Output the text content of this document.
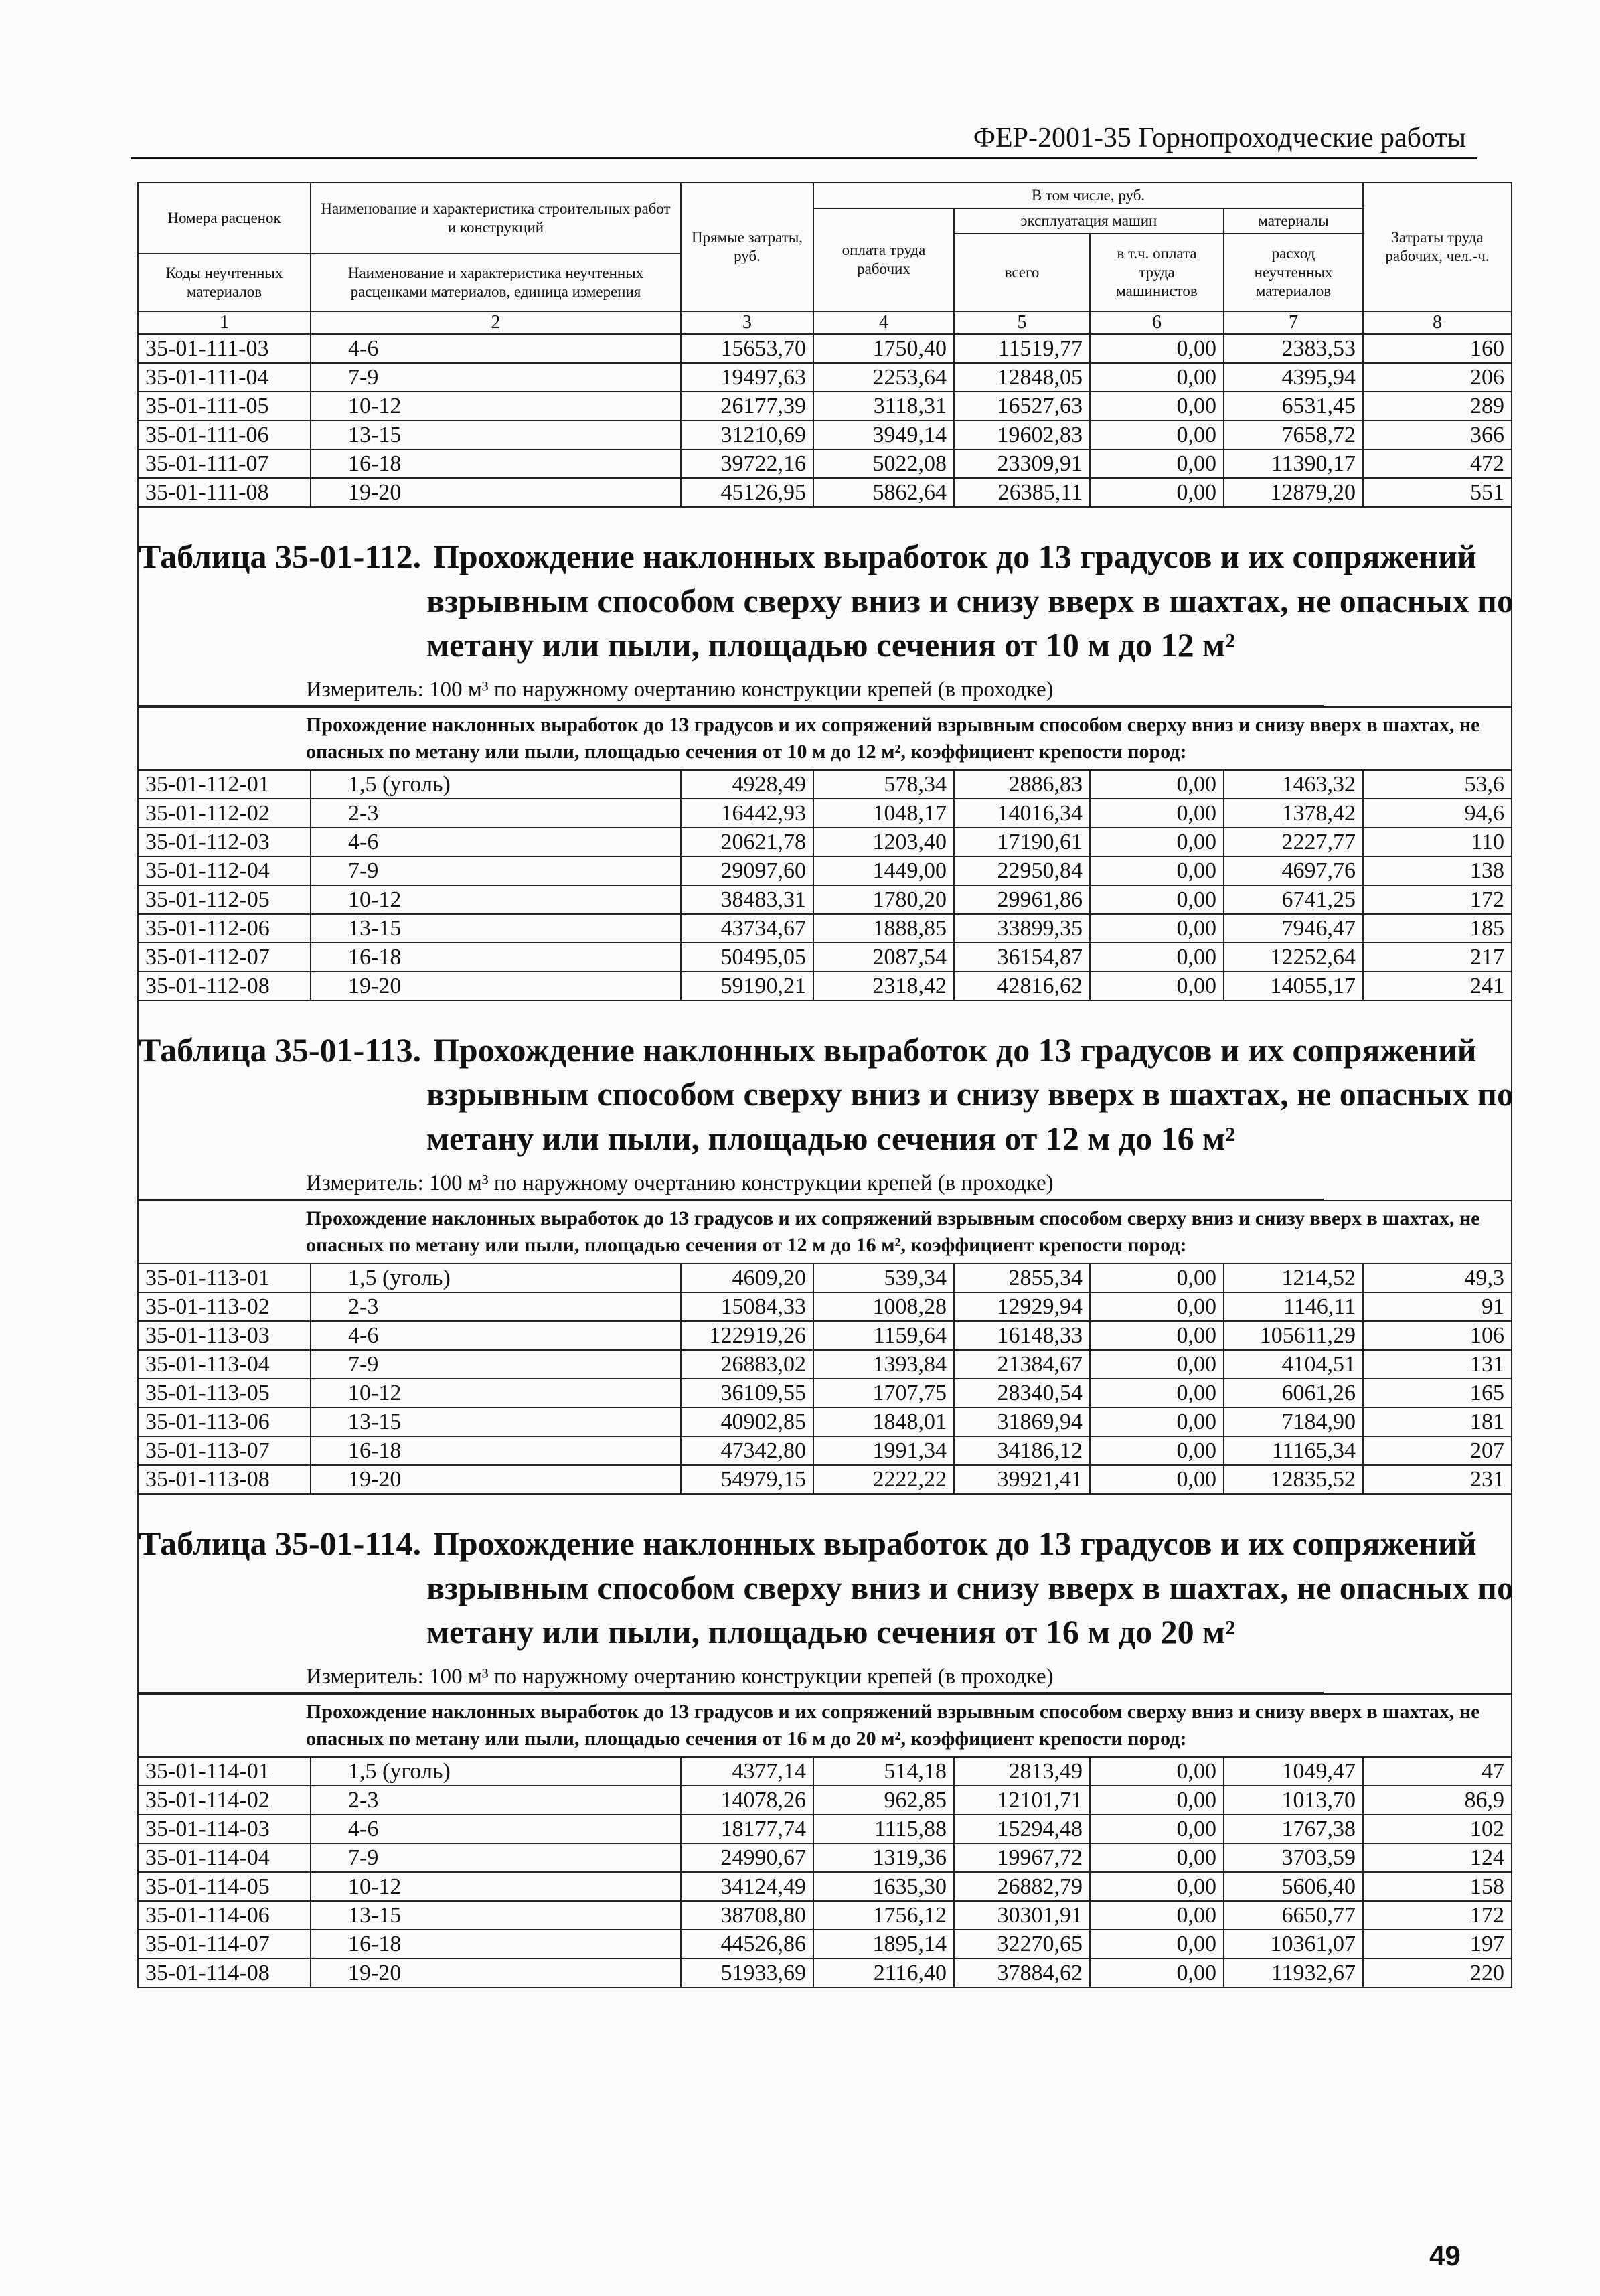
ФЕР-2001-35 Горнопроходческие работы
Номера расценок	Наименование и характеристика строительных работ и конструкций	Прямые затраты, руб.	В том числе, руб.				Затраты труда рабочих, чел.-ч.
			оплата труда рабочих	эксплуатация машин		материалы	
				всего	в т.ч. оплата труда машинистов	расход неучтенных материалов	
Коды неучтенных материалов	Наименование и характеристика неучтенных расценками материалов, единица измерения						

1	2	3	4	5	6	7	8
35-01-111-03	4-6	15653,70	1750,40	11519,77	0,00	2383,53	160
35-01-111-04	7-9	19497,63	2253,64	12848,05	0,00	4395,94	206
35-01-111-05	10-12	26177,39	3118,31	16527,63	0,00	6531,45	289
35-01-111-06	13-15	31210,69	3949,14	19602,83	0,00	7658,72	366
35-01-111-07	16-18	39722,16	5022,08	23309,91	0,00	11390,17	472
35-01-111-08	19-20	45126,95	5862,64	26385,11	0,00	12879,20	551

Таблица 35-01-112. Прохождение наклонных выработок до 13 градусов и их сопряжений
взрывным способом сверху вниз и снизу вверх в шахтах, не опасных по
метану или пыли, площадью сечения от 10 м до 12 м²
Измеритель: 100 м³ по наружному очертанию конструкции крепей (в проходке)							

Прохождение наклонных выработок до 13 градусов и их сопряжений взрывным способом сверху вниз и снизу вверх в шахтах, не опасных по метану или пыли, площадью сечения от 10 м до 12 м², коэффициент крепости пород:							
35-01-112-01	1,5 (уголь)	4928,49	578,34	2886,83	0,00	1463,32	53,6
35-01-112-02	2-3	16442,93	1048,17	14016,34	0,00	1378,42	94,6
35-01-112-03	4-6	20621,78	1203,40	17190,61	0,00	2227,77	110
35-01-112-04	7-9	29097,60	1449,00	22950,84	0,00	4697,76	138
35-01-112-05	10-12	38483,31	1780,20	29961,86	0,00	6741,25	172
35-01-112-06	13-15	43734,67	1888,85	33899,35	0,00	7946,47	185
35-01-112-07	16-18	50495,05	2087,54	36154,87	0,00	12252,64	217
35-01-112-08	19-20	59190,21	2318,42	42816,62	0,00	14055,17	241

Таблица 35-01-113. Прохождение наклонных выработок до 13 градусов и их сопряжений
взрывным способом сверху вниз и снизу вверх в шахтах, не опасных по
метану или пыли, площадью сечения от 12 м до 16 м²
Измеритель: 100 м³ по наружному очертанию конструкции крепей (в проходке)							

Прохождение наклонных выработок до 13 градусов и их сопряжений взрывным способом сверху вниз и снизу вверх в шахтах, не опасных по метану или пыли, площадью сечения от 12 м до 16 м², коэффициент крепости пород:							
35-01-113-01	1,5 (уголь)	4609,20	539,34	2855,34	0,00	1214,52	49,3
35-01-113-02	2-3	15084,33	1008,28	12929,94	0,00	1146,11	91
35-01-113-03	4-6	122919,26	1159,64	16148,33	0,00	105611,29	106
35-01-113-04	7-9	26883,02	1393,84	21384,67	0,00	4104,51	131
35-01-113-05	10-12	36109,55	1707,75	28340,54	0,00	6061,26	165
35-01-113-06	13-15	40902,85	1848,01	31869,94	0,00	7184,90	181
35-01-113-07	16-18	47342,80	1991,34	34186,12	0,00	11165,34	207
35-01-113-08	19-20	54979,15	2222,22	39921,41	0,00	12835,52	231

Таблица 35-01-114. Прохождение наклонных выработок до 13 градусов и их сопряжений
взрывным способом сверху вниз и снизу вверх в шахтах, не опасных по
метану или пыли, площадью сечения от 16 м до 20 м²
Измеритель: 100 м³ по наружному очертанию конструкции крепей (в проходке)							

Прохождение наклонных выработок до 13 градусов и их сопряжений взрывным способом сверху вниз и снизу вверх в шахтах, не опасных по метану или пыли, площадью сечения от 16 м до 20 м², коэффициент крепости пород:							
35-01-114-01	1,5 (уголь)	4377,14	514,18	2813,49	0,00	1049,47	47
35-01-114-02	2-3	14078,26	962,85	12101,71	0,00	1013,70	86,9
35-01-114-03	4-6	18177,74	1115,88	15294,48	0,00	1767,38	102
35-01-114-04	7-9	24990,67	1319,36	19967,72	0,00	3703,59	124
35-01-114-05	10-12	34124,49	1635,30	26882,79	0,00	5606,40	158
35-01-114-06	13-15	38708,80	1756,12	30301,91	0,00	6650,77	172
35-01-114-07	16-18	44526,86	1895,14	32270,65	0,00	10361,07	197
35-01-114-08	19-20	51933,69	2116,40	37884,62	0,00	11932,67	220
49
